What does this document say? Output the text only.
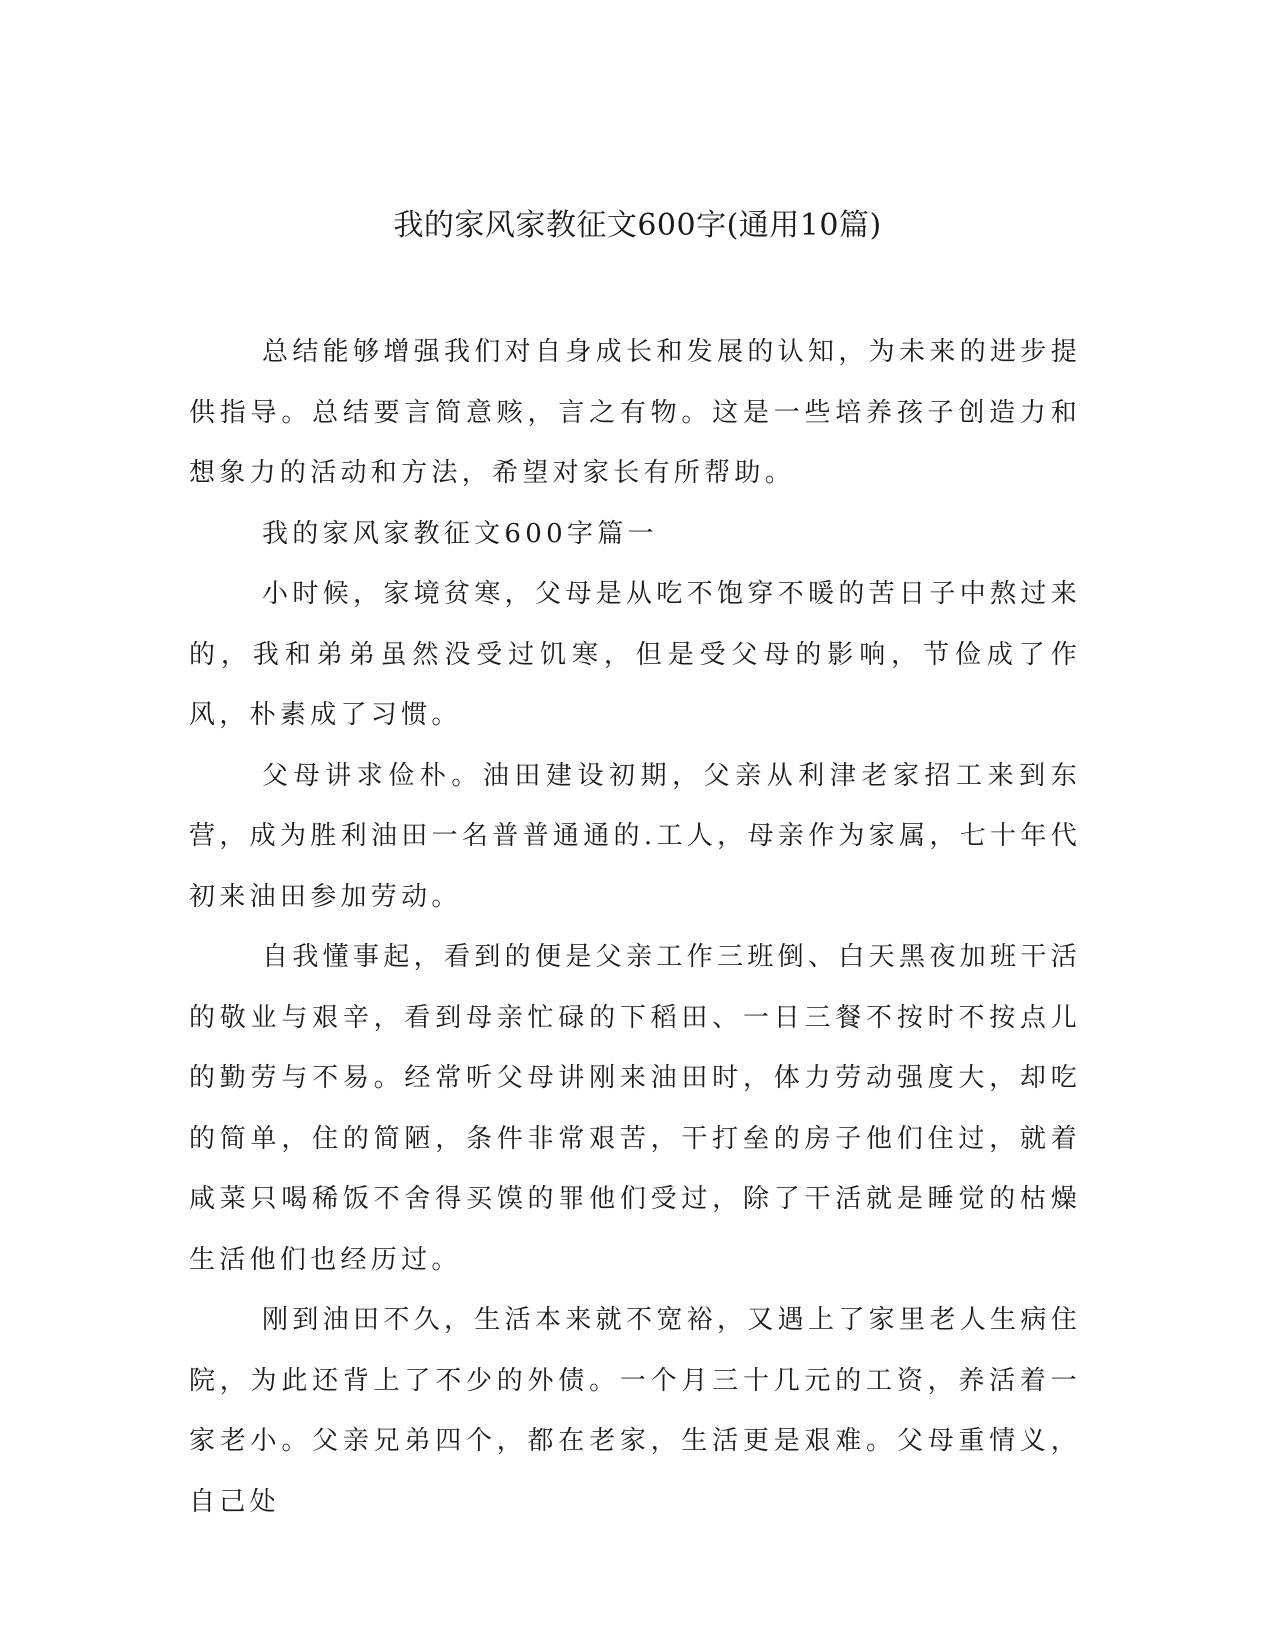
我的家风家教征文600字(通用10篇)

总结能够增强我们对自身成长和发展的认知，为未来的进步提供指导。总结要言简意赅，言之有物。这是一些培养孩子创造力和想象力的活动和方法，希望对家长有所帮助。

我的家风家教征文600字篇一

小时候，家境贫寒，父母是从吃不饱穿不暖的苦日子中熬过来的，我和弟弟虽然没受过饥寒，但是受父母的影响，节俭成了作风，朴素成了习惯。

父母讲求俭朴。油田建设初期，父亲从利津老家招工来到东营，成为胜利油田一名普普通通的.工人，母亲作为家属，七十年代初来油田参加劳动。

自我懂事起，看到的便是父亲工作三班倒、白天黑夜加班干活的敬业与艰辛，看到母亲忙碌的下稻田、一日三餐不按时不按点儿的勤劳与不易。经常听父母讲刚来油田时，体力劳动强度大，却吃的简单，住的简陋，条件非常艰苦，干打垒的房子他们住过，就着咸菜只喝稀饭不舍得买馍的罪他们受过，除了干活就是睡觉的枯燥生活他们也经历过。

刚到油田不久，生活本来就不宽裕，又遇上了家里老人生病住院，为此还背上了不少的外债。一个月三十几元的工资，养活着一家老小。父亲兄弟四个，都在老家，生活更是艰难。父母重情义，自己处
